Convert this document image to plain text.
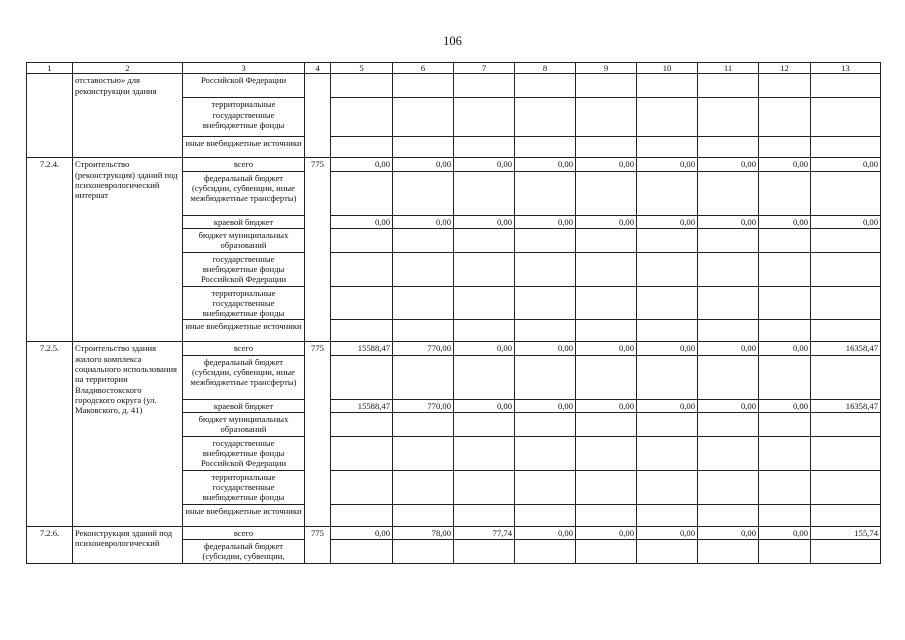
106
1	2	3	4	5	6	7	8	9	10	11	12	13
	отставостью» для реконструкции здания	Российской Федерации										
		территориальные государственные внебюджетные фонды										
		иные внебюджетные источники										
7.2.4.	Строительство (реконструкция) зданий под психоневрологический интернат	всего	775	0,00	0,00	0,00	0,00	0,00	0,00	0,00	0,00	0,00
		федеральный бюджет (субсидии, субвенции, иные межбюджетные трансферты)										
		краевой бюджет		0,00	0,00	0,00	0,00	0,00	0,00	0,00	0,00	0,00
		бюджет муниципальных образований										
		государственные внебюджетные фонды Российской Федерации										
		территориальные государственные внебюджетные фонды										
		иные внебюджетные источники										
7.2.5.	Строительство здания жилого комплекса социального использования на территории Владивостокского городского округа (ул. Маковского, д. 41)	всего	775	15588,47	770,00	0,00	0,00	0,00	0,00	0,00	0,00	16358,47
		федеральный бюджет (субсидии, субвенции, иные межбюджетные трансферты)										
		краевой бюджет		15588,47	770,00	0,00	0,00	0,00	0,00	0,00	0,00	16358,47
		бюджет муниципальных образований										
		государственные внебюджетные фонды Российской Федерации										
		территориальные государственные внебюджетные фонды										
		иные внебюджетные источники										
7.2.6.	Реконструкция зданий под психоневрологический	всего	775	0,00	78,00	77,74	0,00	0,00	0,00	0,00	0,00	155,74
		федеральный бюджет (субсидии, субвенции,										
